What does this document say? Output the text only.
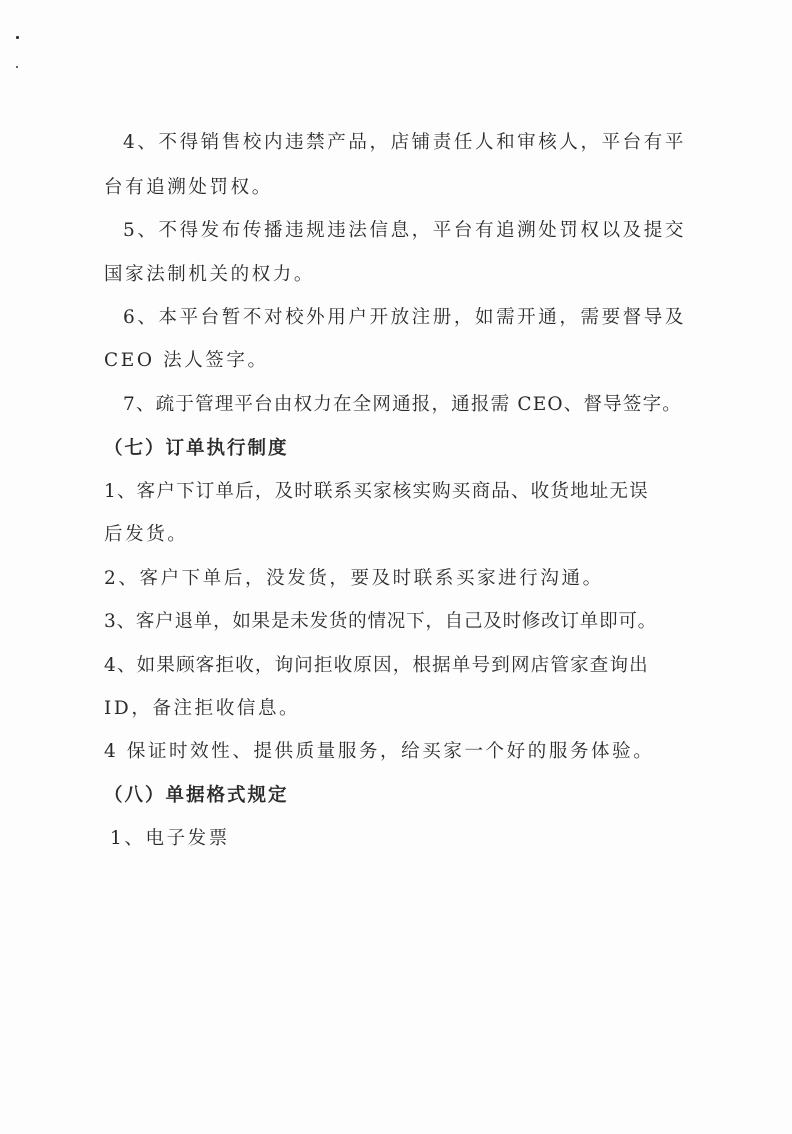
4、不得销售校内违禁产品，店铺责任人和审核人，平台有平
台有追溯处罚权。
5、不得发布传播违规违法信息，平台有追溯处罚权以及提交
国家法制机关的权力。
6、本平台暂不对校外用户开放注册，如需开通，需要督导及
CEO 法人签字。
7、疏于管理平台由权力在全网通报，通报需 CEO、督导签字。
（七）订单执行制度
1、客户下订单后，及时联系买家核实购买商品、收货地址无误
后发货。
2、客户下单后，没发货，要及时联系买家进行沟通。
3、客户退单，如果是未发货的情况下，自己及时修改订单即可。
4、如果顾客拒收，询问拒收原因，根据单号到网店管家查询出
ID，备注拒收信息。
4 保证时效性、提供质量服务，给买家一个好的服务体验。
（八）单据格式规定
1、电子发票
